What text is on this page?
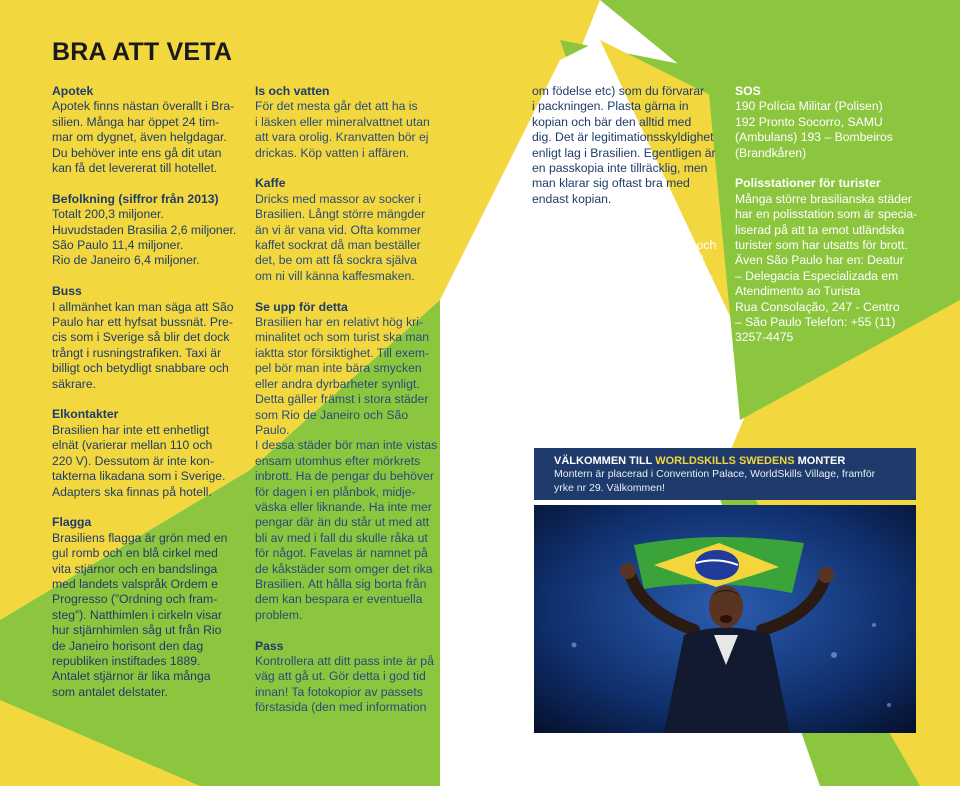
BRA ATT VETA
Apotek
Apotek finns nästan överallt i Bra-
silien. Många har öppet 24 tim-
mar om dygnet, även helgdagar.
Du behöver inte ens gå dit utan
kan få det levererat till hotellet.
Befolkning (siffror från 2013)
Totalt 200,3 miljoner.
Huvudstaden Brasilia 2,6 miljoner.
São Paulo 11,4 miljoner.
Rio de Janeiro 6,4 miljoner.
Buss
I allmänhet kan man säga att São
Paulo har ett hyfsat bussnät. Pre-
cis som i Sverige så blir det dock
trångt i rusningstrafiken. Taxi är
billigt och betydligt snabbare och
säkrare.
Elkontakter
Brasilien har inte ett enhetligt
elnät (varierar mellan 110 och
220 V). Dessutom är inte kon-
takterna likadana som i Sverige.
Adapters ska finnas på hotell.
Flagga
Brasiliens flagga är grön med en
gul romb och en blå cirkel med
vita stjärnor och en bandslinga
med landets valspråk Ordem e
Progresso (”Ordning och fram-
steg”). Natthimlen i cirkeln visar
hur stjärnhimlen såg ut från Rio
de Janeiro horisont den dag
republiken instiftades 1889.
Antalet stjärnor är lika många
som antalet delstater.
Is och vatten
För det mesta går det att ha is
i läsken eller mineralvattnet utan
att vara orolig. Kranvatten bör ej
drickas. Köp vatten i affären.
Kaffe
Dricks med massor av socker i
Brasilien. Långt större mängder
än vi är vana vid. Ofta kommer
kaffet sockrat då man beställer
det, be om att få sockra själva
om ni vill känna kaffesmaken.
Se upp för detta
Brasilien har en relativt hög kri-
minalitet och som turist ska man
iaktta stor försiktighet. Till exem-
pel bör man inte bära smycken
eller andra dyrbarheter synligt.
Detta gäller främst i stora städer
som Rio de Janeiro och São Paulo.
I dessa städer bör man inte vistas
ensam utomhus efter mörkrets
inbrott. Ha de pengar du behöver
för dagen i en plånbok, midje-
väska eller liknande. Ha inte mer
pengar där än du står ut med att
bli av med i fall du skulle råka ut
för något. Favelas är namnet på
de kåkstäder som omger det rika
Brasilien. Att hålla sig borta från
dem kan bespara er eventuella
problem.
Pass
Kontrollera att ditt pass inte är på
väg att gå ut. Gör detta i god tid
innan! Ta fotokopior av passets
förstasida (den med information
om födelse etc) som du förvarar
i packningen. Plasta gärna in
kopian och bär den alltid med
dig. Det är legitimationsskyldighet
enligt lag i Brasilien. Egentligen är
en passkopia inte tillräcklig, men
man klarar sig oftast bra med
endast kopian.
Svenska ambassaden
Om du är svensk medborgare och
är i nödsituation kan du ringa till
svenska ambassaden i huvudsta-
den Brasilia +55 (61) 3442 5200
under kontorstid. Samma telefon-
nummer gäller efter kontorstid,
då du kopplas vidare till Utrikes-
departementets jourhavande.
SOS
190 Polícia Militar (Polisen)
192 Pronto Socorro, SAMU
(Ambulans) 193 – Bombeiros
(Brandkåren)
Polisstationer för turister
Många större brasilianska städer
har en polisstation som är specia-
liserad på att ta emot utländska
turister som har utsatts för brott.
Även São Paulo har en: Deatur
– Delegacia Especializada em
Atendimento ao Turista
Rua Consolação, 247 - Centro
– São Paulo Telefon: +55 (11)
3257-4475
VÄLKOMMEN TILL WORLDSKILLS SWEDENS MONTER
Montern är placerad i Convention Palace, WorldSkills Village, framför
yrke nr 29. Välkommen!
